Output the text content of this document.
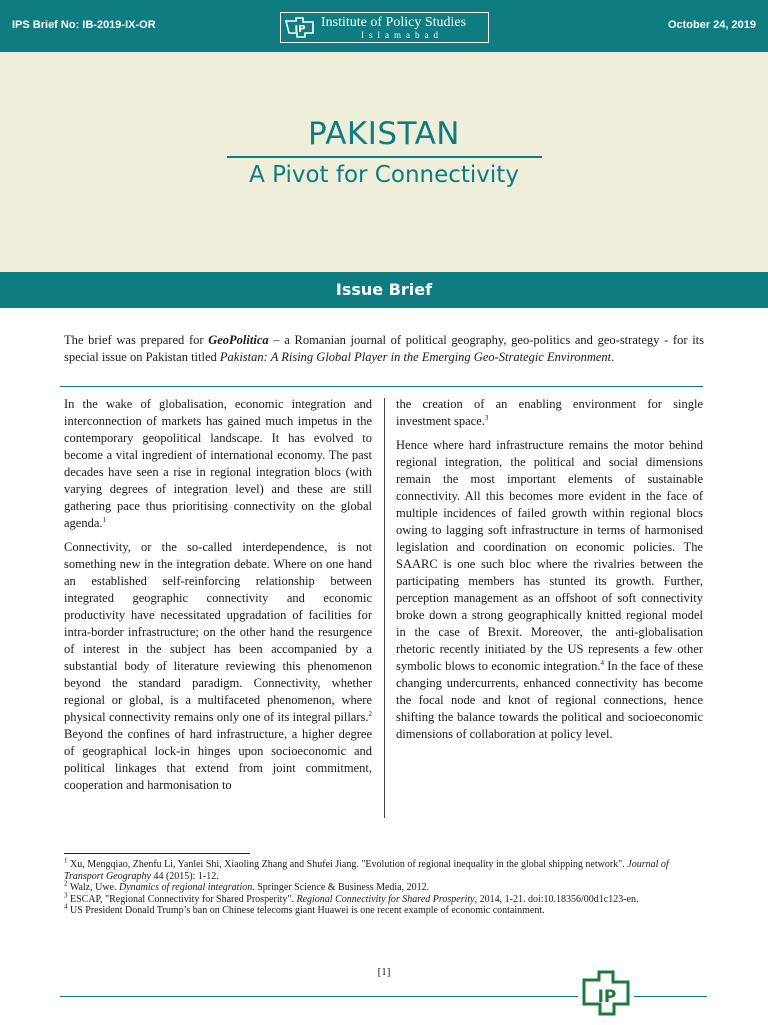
IPS Brief No: IB-2019-IX-OR	IP Institute of Policy Studies
Islamabad
October 24, 2019
PAKISTAN
A Pivot for Connectivity
Issue Brief

The brief was prepared for GeoPolitica – a Romanian journal of political geography, geo-politics and geo-strategy - for its special issue on Pakistan titled Pakistan: A Rising Global Player in the Emerging Geo-Strategic Environment.

In the wake of globalisation, economic integration and interconnection of markets has gained much impetus in the contemporary geopolitical landscape. It has evolved to become a vital ingredient of international economy. The past decades have seen a rise in regional integration blocs (with varying degrees of integration level) and these are still gathering pace thus prioritising connectivity on the global agenda.$^1$

Connectivity, or the so-called interdependence, is not something new in the integration debate. Where on one hand an established self-reinforcing relationship between integrated geographic connectivity and economic productivity have necessitated upgradation of facilities for intra-border infrastructure; on the other hand the resurgence of interest in the subject has been accompanied by a substantial body of literature reviewing this phenomenon beyond the standard paradigm. Connectivity, whether regional or global, is a multifaceted phenomenon, where physical connectivity remains only one of its integral pillars.$^2$ Beyond the confines of hard infrastructure, a higher degree of geographical lock-in hinges upon socioeconomic and political linkages that extend from joint commitment, cooperation and harmonisation to

the creation of an enabling environment for single investment space.$^3$

Hence where hard infrastructure remains the motor behind regional integration, the political and social dimensions remain the most important elements of sustainable connectivity. All this becomes more evident in the face of multiple incidences of failed growth within regional blocs owing to lagging soft infrastructure in terms of harmonised legislation and coordination on economic policies. The SAARC is one such bloc where the rivalries between the participating members has stunted its growth. Further, perception management as an offshoot of soft connectivity broke down a strong geographically knitted regional model in the case of Brexit. Moreover, the anti-globalisation rhetoric recently initiated by the US represents a few other symbolic blows to economic integration.$^4$ In the face of these changing undercurrents, enhanced connectivity has become the focal node and knot of regional connections, hence shifting the balance towards the political and socioeconomic dimensions of collaboration at policy level.

$^1$ Xu, Mengqiao, Zhenfu Li, Yanlei Shi, Xiaoling Zhang and Shufei Jiang. "Evolution of regional inequality in the global shipping network". Journal of Transport Geography 44 (2015): 1-12.

$^2$ Walz, Uwe. Dynamics of regional integration. Springer Science & Business Media, 2012.

$^3$ ESCAP, "Regional Connectivity for Shared Prosperity". Regional Connectivity for Shared Prosperity, 2014, 1-21. doi:10.18356/00d1c123-en.

$^4$ US President Donald Trump’s ban on Chinese telecoms giant Huawei is one recent example of economic containment.

[1]
IP
